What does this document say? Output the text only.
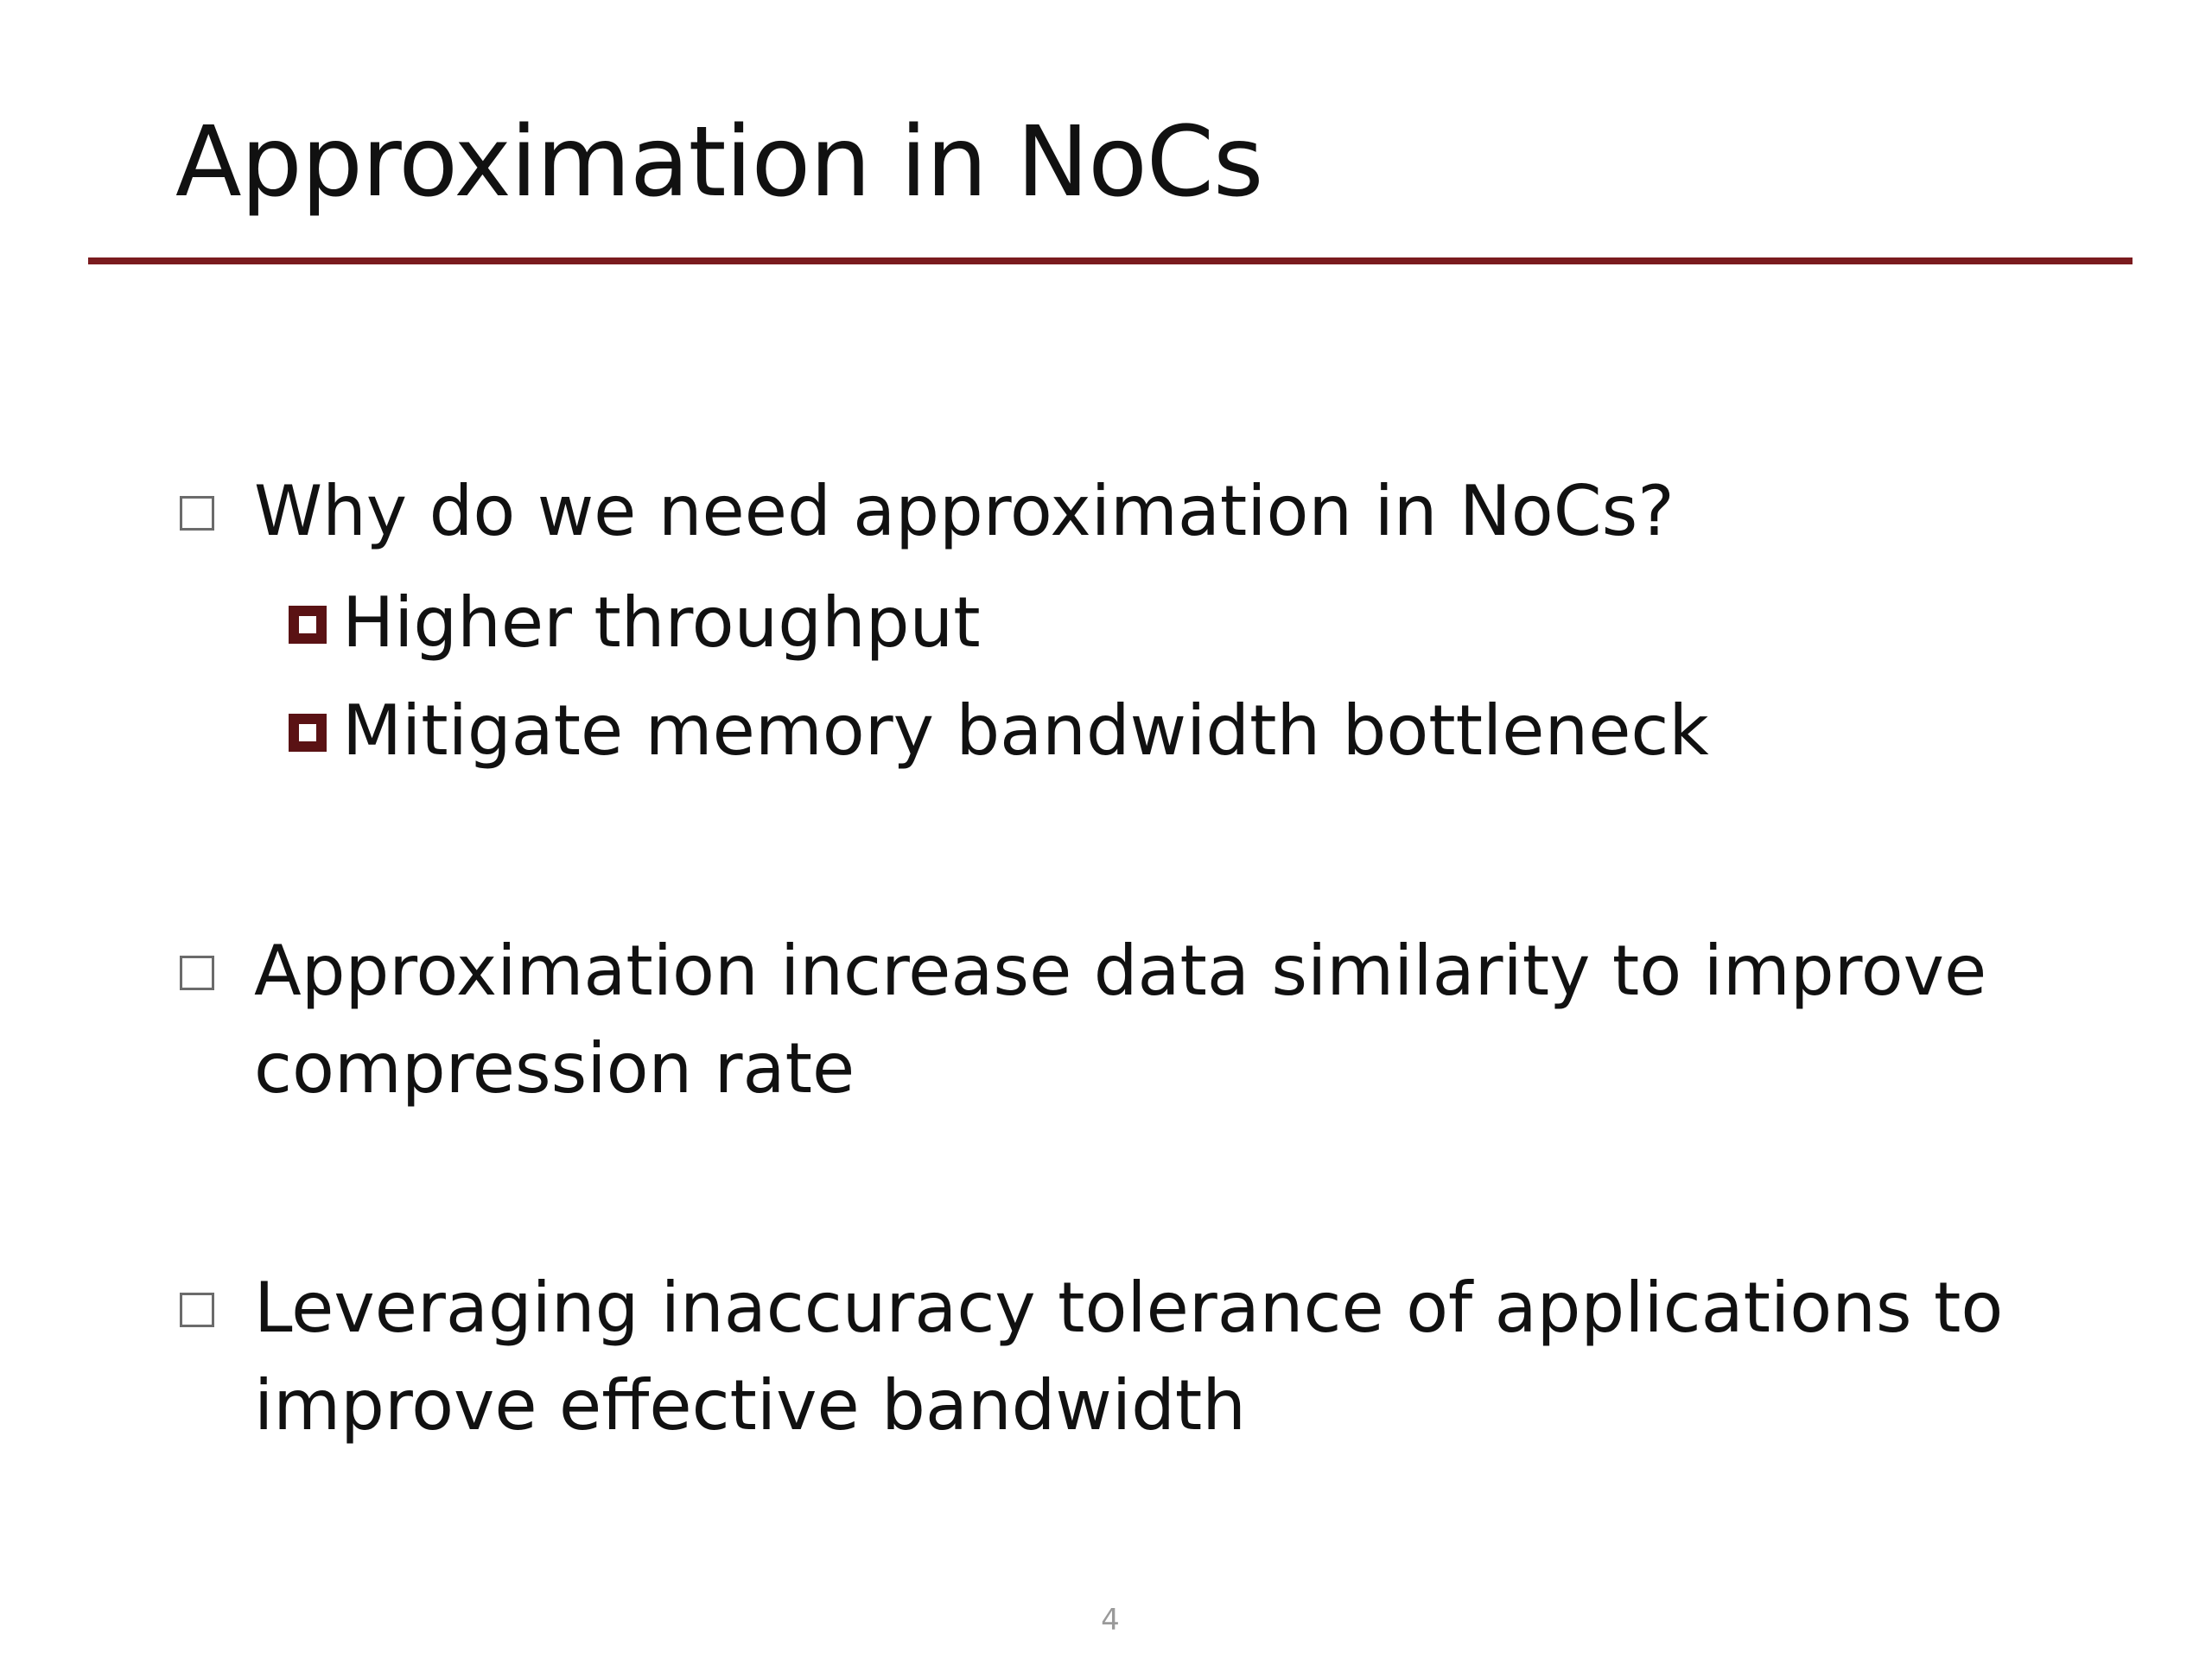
Approximation in NoCs
Why do we need approximation in NoCs?
Higher throughput
Mitigate memory bandwidth bottleneck
Approximation increase data similarity to improve
compression rate
Leveraging inaccuracy tolerance of applications to
improve effective bandwidth
4
